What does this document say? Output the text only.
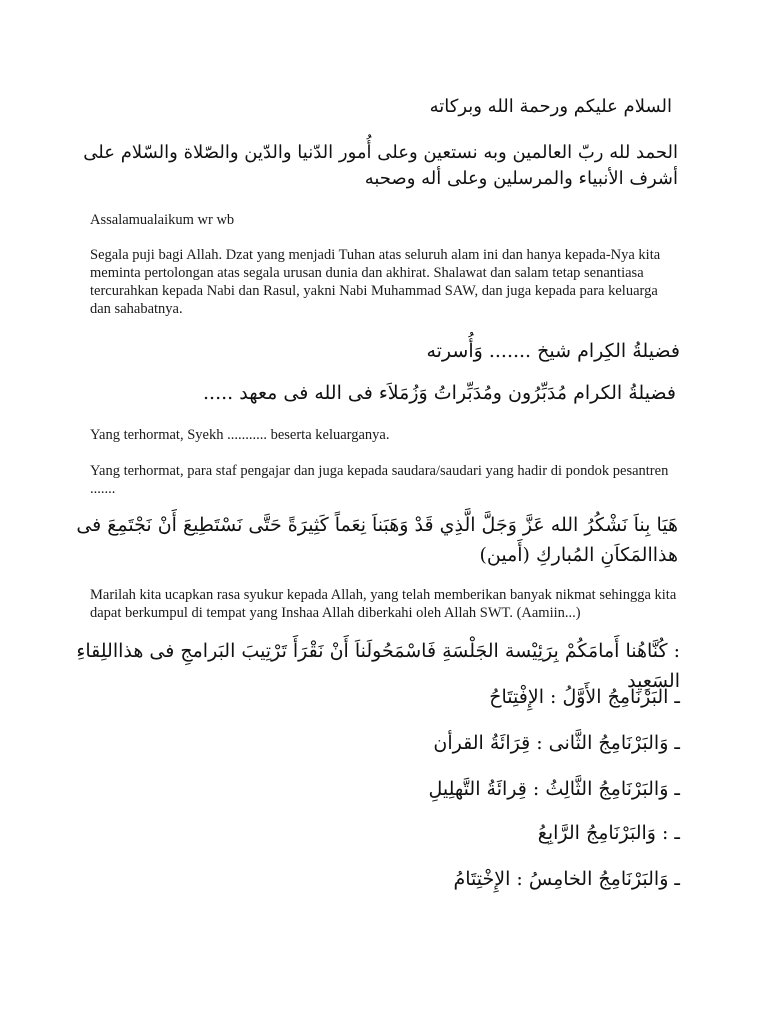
السلام عليكم ورحمة الله وبركاته

الحمد لله ربّ العالمين وبه نستعين وعلى أُمور الدّنيا والدّين والصّلاة والسّلام على أشرف الأنبياء والمرسلين وعلى أله وصحبه

Assalamualaikum wr wb

Segala puji bagi Allah. Dzat yang menjadi Tuhan atas seluruh alam ini dan hanya kepada-Nya kita meminta pertolongan atas segala urusan dunia dan akhirat. Shalawat dan salam tetap senantiasa tercurahkan kepada Nabi dan Rasul, yakni Nabi Muhammad SAW, dan juga kepada para keluarga dan sahabatnya.

فضيلةُ الكِرام شيخ ....... وَأُسرته

فضيلةُ الكرام مُدَبِّرُون ومُدَبِّراتُ وَزُمَلاَء فى الله فى معهد .....

Yang terhormat, Syekh ........... beserta keluarganya.

Yang terhormat, para staf pengajar dan juga kepada saudara/saudari yang hadir di pondok pesantren .......

هَيَا بِناَ نَشْكُرُ الله عَزَّ وَجَلَّ الَّذِي قَدْ وَهَبَناَ نِعَماً كَثِيرَةً حَتَّى نَسْتَطِيعَ أَنْ نَجْتَمِعَ فى هذاالمَكاَنِ المُباركِ (أَمين)

Marilah kita ucapkan rasa syukur kepada Allah, yang telah memberikan banyak nikmat sehingga kita dapat berkumpul di tempat yang Inshaa Allah diberkahi oleh Allah SWT. (Aamiin...)

: كُنَّاهُنا أَمامَكُمْ بِرَئِيْسة الجَلْسَةِ فَاسْمَحُولَناَ أَنْ نَقْرَأَ تَرْتِيبَ البَرامجِ فى هذااللِقاءِ السَعِيد

ـ البَرْنَامِجُ الأَوَّلُ : الإِفْتِتَاحُ

ـ وَالبَرْنَامِجُ الثَّانى : قِرَائَةُ القرأن

ـ وَالبَرْنَامِجُ الثَّالِثُ : قِرائَةُ التَّهلِيلِ

ـ : وَالبَرْنَامِجُ الرَّابِعُ

ـ وَالبَرْنَامِجُ الخامِسُ : الإِخْتِتَامُ
